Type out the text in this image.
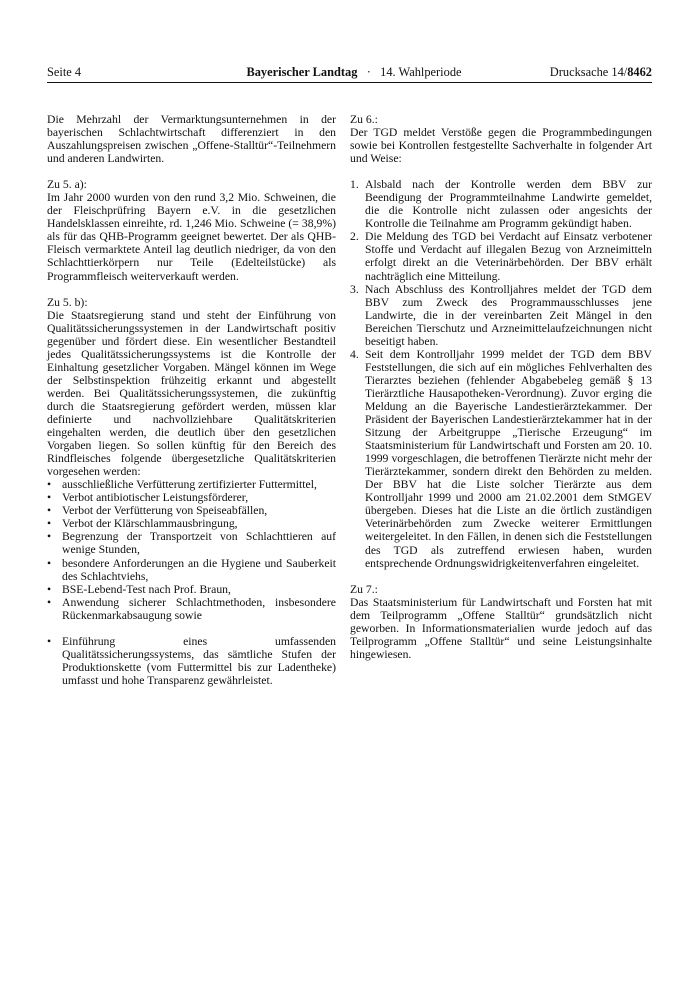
Seite 4	Bayerischer Landtag · 14. Wahlperiode	Drucksache 14/8462

Die Mehrzahl der Vermarktungsunternehmen in der bayerischen Schlachtwirtschaft differenziert in den Auszahlungspreisen zwischen „Offene-Stalltür“-Teilnehmern und anderen Landwirten.

Zu 5. a):

Im Jahr 2000 wurden von den rund 3,2 Mio. Schweinen, die der Fleischprüfring Bayern e.V. in die gesetzlichen Handelsklassen einreihte, rd. 1,246 Mio. Schweine (= 38,9%) als für das QHB-Programm geeignet bewertet. Der als QHB-Fleisch vermarktete Anteil lag deutlich niedriger, da von den Schlachttierkörpern nur Teile (Edelteilstücke) als Programmfleisch weiterverkauft werden.

Zu 5. b):

Die Staatsregierung stand und steht der Einführung von Qualitätssicherungssystemen in der Landwirtschaft positiv gegenüber und fördert diese. Ein wesentlicher Bestandteil jedes Qualitätssicherungssystems ist die Kontrolle der Einhaltung gesetzlicher Vorgaben. Mängel können im Wege der Selbstinspektion frühzeitig erkannt und abgestellt werden. Bei Qualitätssicherungssystemen, die zukünftig durch die Staatsregierung gefördert werden, müssen klar definierte und nachvollziehbare Qualitätskriterien eingehalten werden, die deutlich über den gesetzlichen Vorgaben liegen. So sollen künftig für den Bereich des Rindfleisches folgende übergesetzliche Qualitätskriterien vorgesehen werden:

• ausschließliche Verfütterung zertifizierter Futtermittel,
• Verbot antibiotischer Leistungsförderer,
• Verbot der Verfütterung von Speiseabfällen,
• Verbot der Klärschlammausbringung,
• Begrenzung der Transportzeit von Schlachttieren auf wenige Stunden,
• besondere Anforderungen an die Hygiene und Sauberkeit des Schlachtviehs,
• BSE-Lebend-Test nach Prof. Braun,
• Anwendung sicherer Schlachtmethoden, insbesondere Rückenmarkabsaugung sowie
• Einführung eines umfassenden Qualitätssicherungssystems, das sämtliche Stufen der Produktionskette (vom Futtermittel bis zur Ladentheke) umfasst und hohe Transparenz gewährleistet.

Zu 6.:

Der TGD meldet Verstöße gegen die Programmbedingungen sowie bei Kontrollen festgestellte Sachverhalte in folgender Art und Weise:

1. Alsbald nach der Kontrolle werden dem BBV zur Beendigung der Programmteilnahme Landwirte gemeldet, die die Kontrolle nicht zulassen oder angesichts der Kontrolle die Teilnahme am Programm gekündigt haben.
2. Die Meldung des TGD bei Verdacht auf Einsatz verbotener Stoffe und Verdacht auf illegalen Bezug von Arzneimitteln erfolgt direkt an die Veterinärbehörden. Der BBV erhält nachträglich eine Mitteilung.
3. Nach Abschluss des Kontrolljahres meldet der TGD dem BBV zum Zweck des Programmausschlusses jene Landwirte, die in der vereinbarten Zeit Mängel in den Bereichen Tierschutz und Arzneimittelaufzeichnungen nicht beseitigt haben.
4. Seit dem Kontrolljahr 1999 meldet der TGD dem BBV Feststellungen, die sich auf ein mögliches Fehlverhalten des Tierarztes beziehen (fehlender Abgabebeleg gemäß § 13 Tierärztliche Hausapotheken-Verordnung). Zuvor erging die Meldung an die Bayerische Landestierärztekammer. Der Präsident der Bayerischen Landestierärztekammer hat in der Sitzung der Arbeitgruppe „Tierische Erzeugung“ im Staatsministerium für Landwirtschaft und Forsten am 20. 10. 1999 vorgeschlagen, die betroffenen Tierärzte nicht mehr der Tierärztekammer, sondern direkt den Behörden zu melden. Der BBV hat die Liste solcher Tierärzte aus dem Kontrolljahr 1999 und 2000 am 21.02.2001 dem StMGEV übergeben. Dieses hat die Liste an die örtlich zuständigen Veterinärbehörden zum Zwecke weiterer Ermittlungen weitergeleitet. In den Fällen, in denen sich die Feststellungen des TGD als zutreffend erwiesen haben, wurden entsprechende Ordnungswidrigkeitenverfahren eingeleitet.

Zu 7.:

Das Staatsministerium für Landwirtschaft und Forsten hat mit dem Teilprogramm „Offene Stalltür“ grundsätzlich nicht geworben. In Informationsmaterialien wurde jedoch auf das Teilprogramm „Offene Stalltür“ und seine Leistungsinhalte hingewiesen.
